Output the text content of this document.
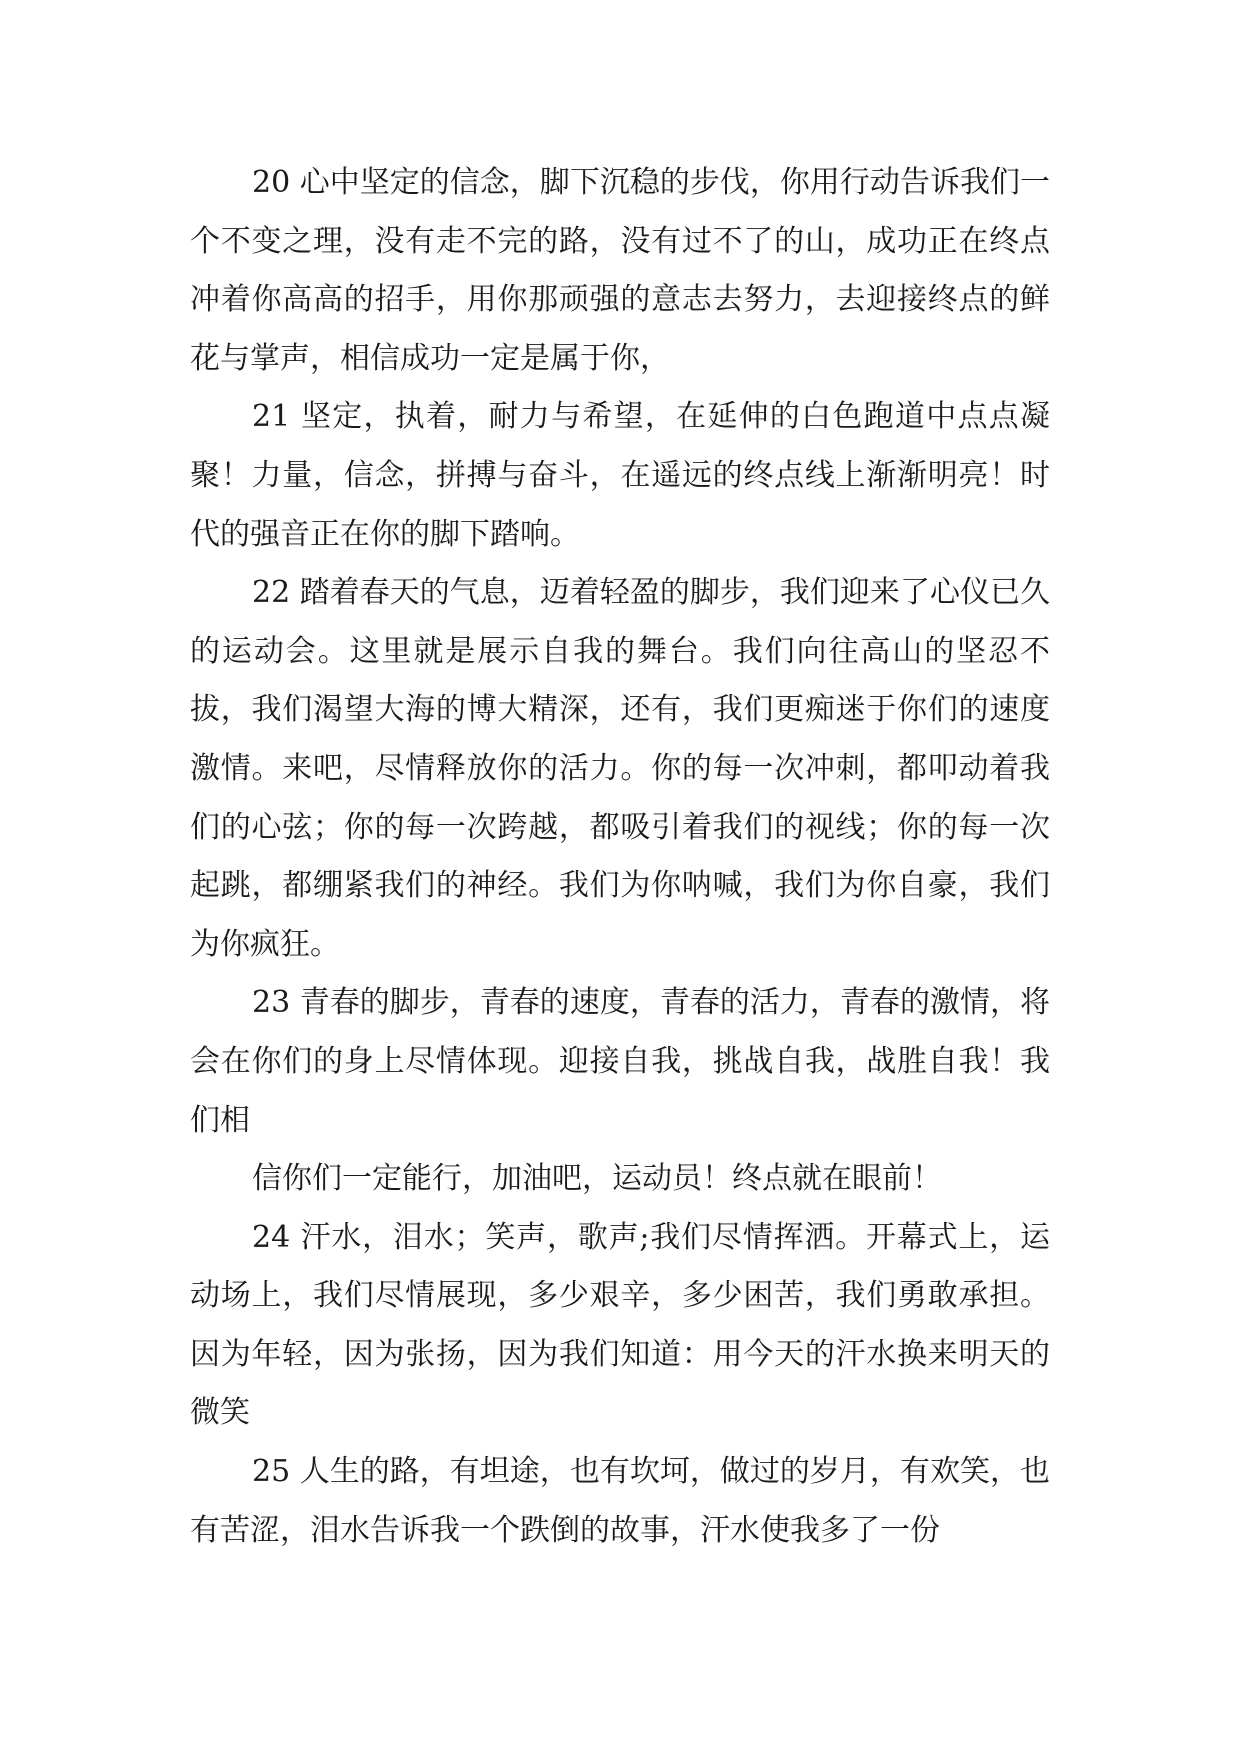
20 心中坚定的信念，脚下沉稳的步伐，你用行动告诉我们一个不变之理，没有走不完的路，没有过不了的山，成功正在终点冲着你高高的招手，用你那顽强的意志去努力，去迎接终点的鲜花与掌声，相信成功一定是属于你，

21 坚定，执着，耐力与希望，在延伸的白色跑道中点点凝聚！力量，信念，拼搏与奋斗，在遥远的终点线上渐渐明亮！时代的强音正在你的脚下踏响。

22 踏着春天的气息，迈着轻盈的脚步，我们迎来了心仪已久的运动会。这里就是展示自我的舞台。我们向往高山的坚忍不拔，我们渴望大海的博大精深，还有，我们更痴迷于你们的速度激情。来吧，尽情释放你的活力。你的每一次冲刺，都叩动着我们的心弦；你的每一次跨越，都吸引着我们的视线；你的每一次起跳，都绷紧我们的神经。我们为你呐喊，我们为你自豪，我们为你疯狂。

23 青春的脚步，青春的速度，青春的活力，青春的激情，将会在你们的身上尽情体现。迎接自我，挑战自我，战胜自我！我们相

信你们一定能行，加油吧，运动员！终点就在眼前！

24 汗水，泪水；笑声，歌声;我们尽情挥洒。开幕式上，运动场上，我们尽情展现，多少艰辛，多少困苦，我们勇敢承担。因为年轻，因为张扬，因为我们知道：用今天的汗水换来明天的微笑

25 人生的路，有坦途，也有坎坷，做过的岁月，有欢笑，也有苦涩，泪水告诉我一个跌倒的故事，汗水使我多了一份
